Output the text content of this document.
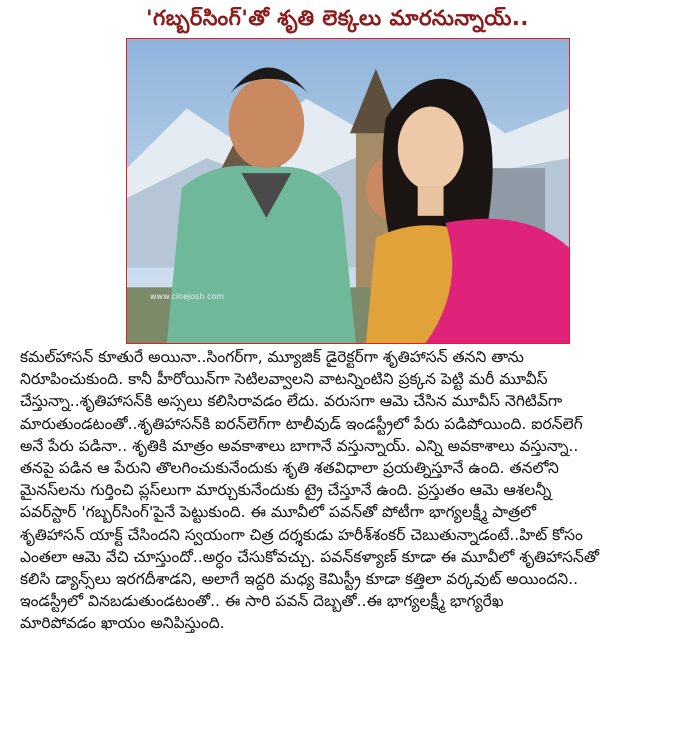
'గబ్బర్‌సింగ్'తో శృతి లెక్కలు మారనున్నాయ్..
www.cinejosh.com

కమల్‌హాసన్ కూతురే అయినా..సింగర్‌గా, మ్యూజిక్ డైరెక్టర్‌గా శృతిహాసన్ తనని తాను

నిరూపించుకుంది. కానీ హీరోయిన్‌గా సెటిలవ్వాలని వాటన్నింటిని ప్రక్కన పెట్టి మరీ మూవీస్

చేస్తున్నా..శృతిహాసన్‌కి అస్సలు కలిసిరావడం లేదు. వరుసగా ఆమె చేసిన మూవీస్ నెగిటివ్‌గా

మారుతుండటంతో..శృతిహాసన్‌కి ఐరన్‌లెగ్‌గా టాలీవుడ్ ఇండస్ట్రీలో పేరు పడిపోయింది. ఐరన్‌లెగ్

అనే పేరు పడినా.. శృతికి మాత్రం అవకాశాలు బాగానే వస్తున్నాయ్. ఎన్ని అవకాశాలు వస్తున్నా..

తనపై పడిన ఆ పేరుని తొలగించుకునేందుకు శృతి శతవిధాలా ప్రయత్నిస్తూనే ఉంది. తనలోని

మైనస్‌లను గుర్తించి ప్లస్‌లుగా మార్చుకునేందుకు ట్రై చేస్తూనే ఉంది. ప్రస్తుతం ఆమె ఆశలన్నీ

పవర్‌స్టార్ 'గబ్బర్‌సింగ్'పైనే పెట్టుకుంది. ఈ మూవీలో పవన్‌తో పోటీగా భాగ్యలక్ష్మీ పాత్రలో

శృతిహాసన్ యాక్ట్ చేసిందని స్వయంగా చిత్ర దర్శకుడు హరీశ్‌శంకర్ చెబుతున్నాడంటే..హిట్ కోసం

ఎంతలా ఆమె వేచి చూస్తుందో..అర్ధం చేసుకోవచ్చు. పవన్‌కళ్యాణ్ కూడా ఈ మూవీలో శృతిహాసన్‌తో

కలిసి డ్యాన్స్‌లు ఇరగదీశాడని, అలాగే ఇద్దరి మధ్య కెమిస్ట్రీ కూడా కత్తిలా వర్కవుట్ అయిందని..

ఇండస్ట్రీలో వినబడుతుండటంతో.. ఈ సారి పవన్ దెబ్బతో..ఈ భాగ్యలక్ష్మీ భాగ్యరేఖ

మారిపోవడం ఖాయం అనిపిస్తుంది.
